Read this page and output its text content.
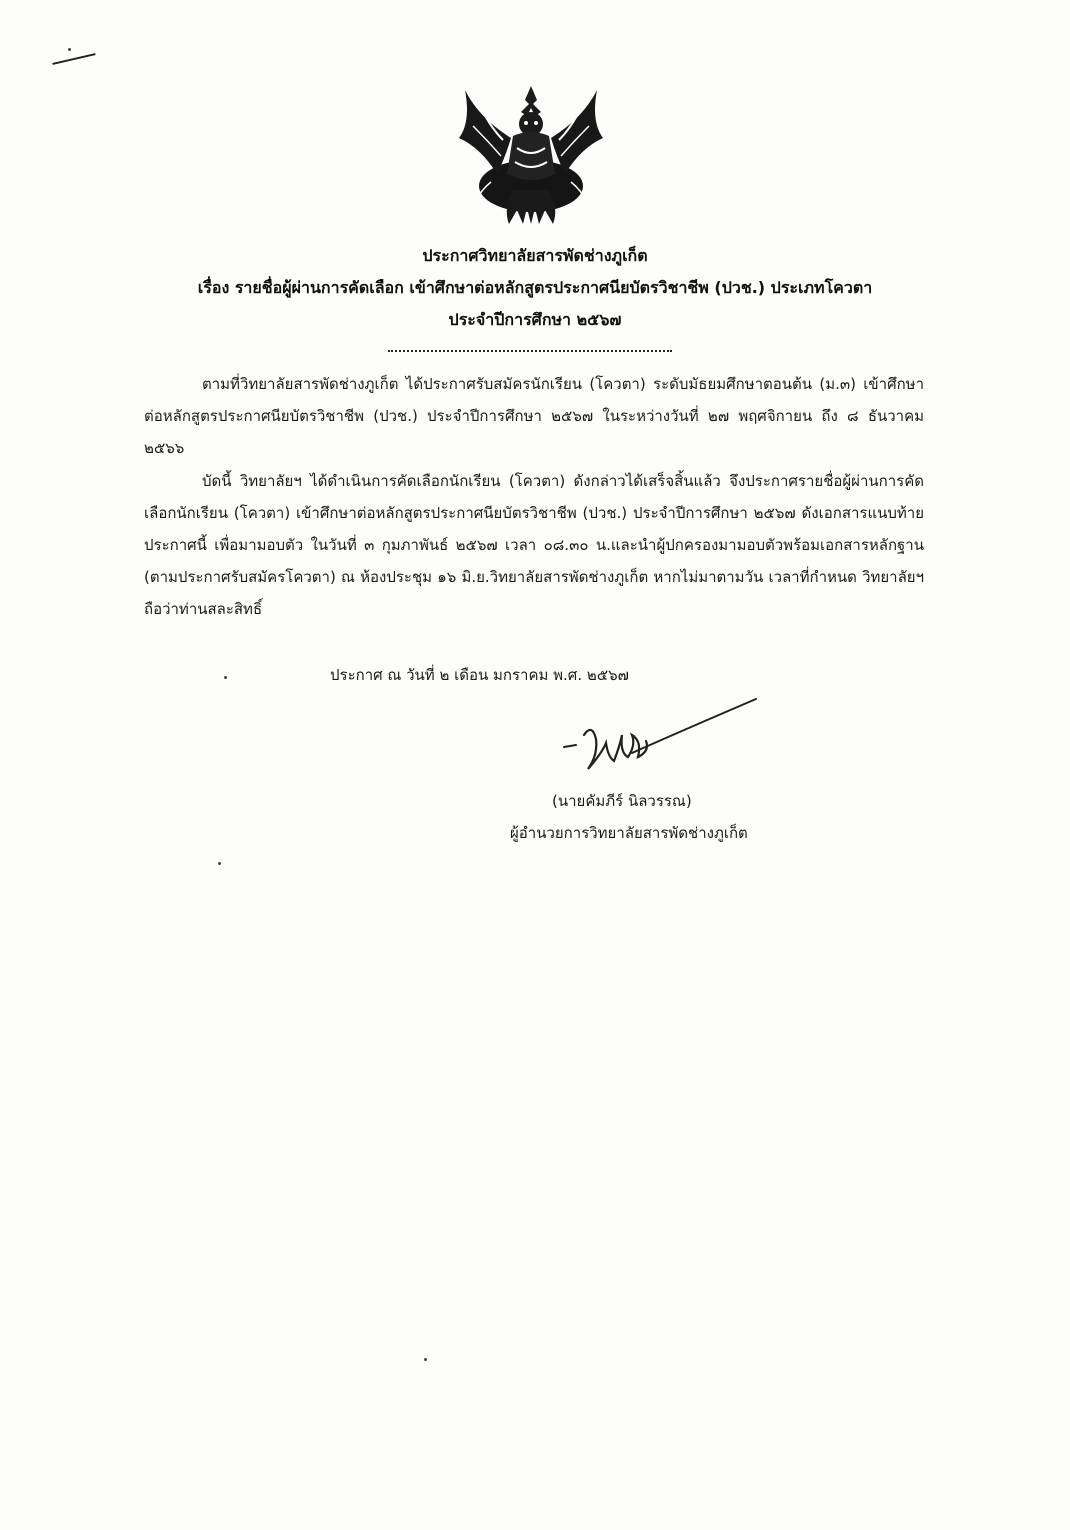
ประกาศวิทยาลัยสารพัดช่างภูเก็ต
เรื่อง รายชื่อผู้ผ่านการคัดเลือก เข้าศึกษาต่อหลักสูตรประกาศนียบัตรวิชาชีพ (ปวช.) ประเภทโควตา
ประจำปีการศึกษา ๒๕๖๗
ตามที่วิทยาลัยสารพัดช่างภูเก็ต ได้ประกาศรับสมัครนักเรียน (โควตา) ระดับมัธยมศึกษาตอนต้น (ม.๓) เข้าศึกษาต่อหลักสูตรประกาศนียบัตรวิชาชีพ (ปวช.) ประจำปีการศึกษา ๒๕๖๗ ในระหว่างวันที่ ๒๗ พฤศจิกายน ถึง ๘ ธันวาคม ๒๕๖๖
บัดนี้ วิทยาลัยฯ ได้ดำเนินการคัดเลือกนักเรียน (โควตา) ดังกล่าวได้เสร็จสิ้นแล้ว จึงประกาศรายชื่อผู้ผ่านการคัดเลือกนักเรียน (โควตา) เข้าศึกษาต่อหลักสูตรประกาศนียบัตรวิชาชีพ (ปวช.) ประจำปีการศึกษา ๒๕๖๗ ดังเอกสารแนบท้ายประกาศนี้ เพื่อมามอบตัว ในวันที่ ๓ กุมภาพันธ์ ๒๕๖๗ เวลา ๐๘.๓๐ น.และนำผู้ปกครองมามอบตัวพร้อมเอกสารหลักฐาน (ตามประกาศรับสมัครโควตา) ณ ห้องประชุม ๑๖ มิ.ย.วิทยาลัยสารพัดช่างภูเก็ต หากไม่มาตามวัน เวลาที่กำหนด วิทยาลัยฯ ถือว่าท่านสละสิทธิ์
ประกาศ ณ วันที่ ๒ เดือน มกราคม พ.ศ. ๒๕๖๗
(นายคัมภีร์ นิลวรรณ)
ผู้อำนวยการวิทยาลัยสารพัดช่างภูเก็ต
